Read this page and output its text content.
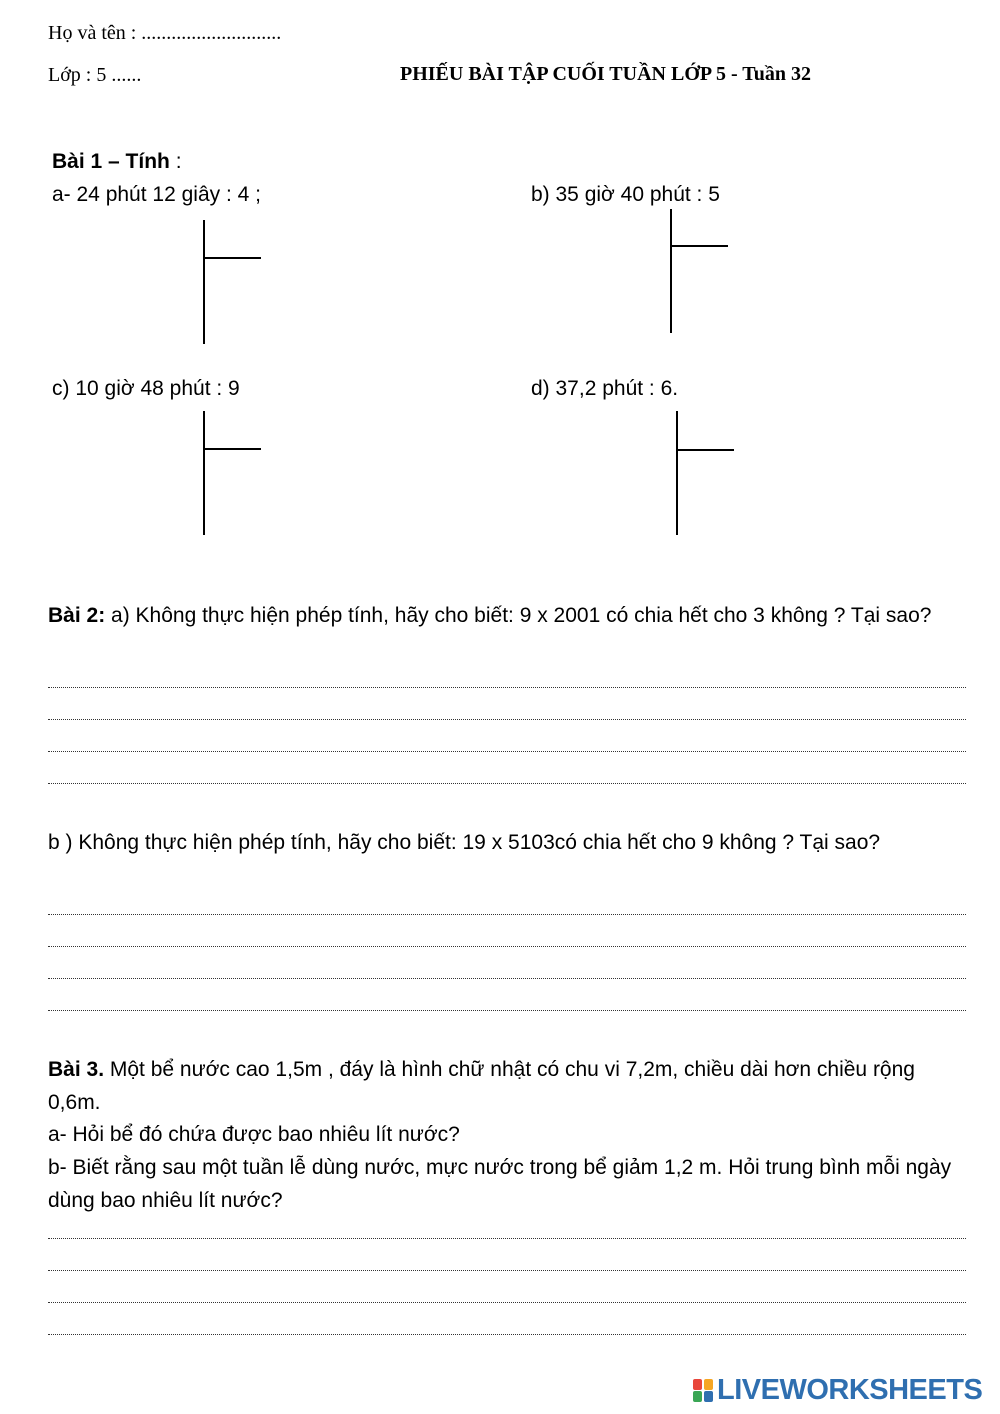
Họ và tên : ............................
Lớp : 5 ......	PHIẾU BÀI TẬP CUỐI TUẦN LỚP 5 - Tuần 32
Bài 1 – Tính :
a- 24 phút 12 giây : 4 ;	b) 35 giờ 40 phút : 5
c) 10 giờ 48 phút : 9	d) 37,2 phút : 6.
Bài 2: a) Không thực hiện phép tính, hãy cho biết: 9 x 2001 có chia hết cho 3 không ? Tại sao?
b ) Không thực hiện phép tính, hãy cho biết: 19 x 5103có chia hết cho 9 không ? Tại sao?
Bài 3. Một bể nước cao 1,5m , đáy là hình chữ nhật có chu vi 7,2m, chiều dài hơn chiều rộng 0,6m.
a- Hỏi bể đó chứa được bao nhiêu lít nước?
b- Biết rằng sau một tuần lễ dùng nước, mực nước trong bể giảm 1,2 m. Hỏi trung bình mỗi ngày dùng bao nhiêu lít nước?
LIVEWORKSHEETS
